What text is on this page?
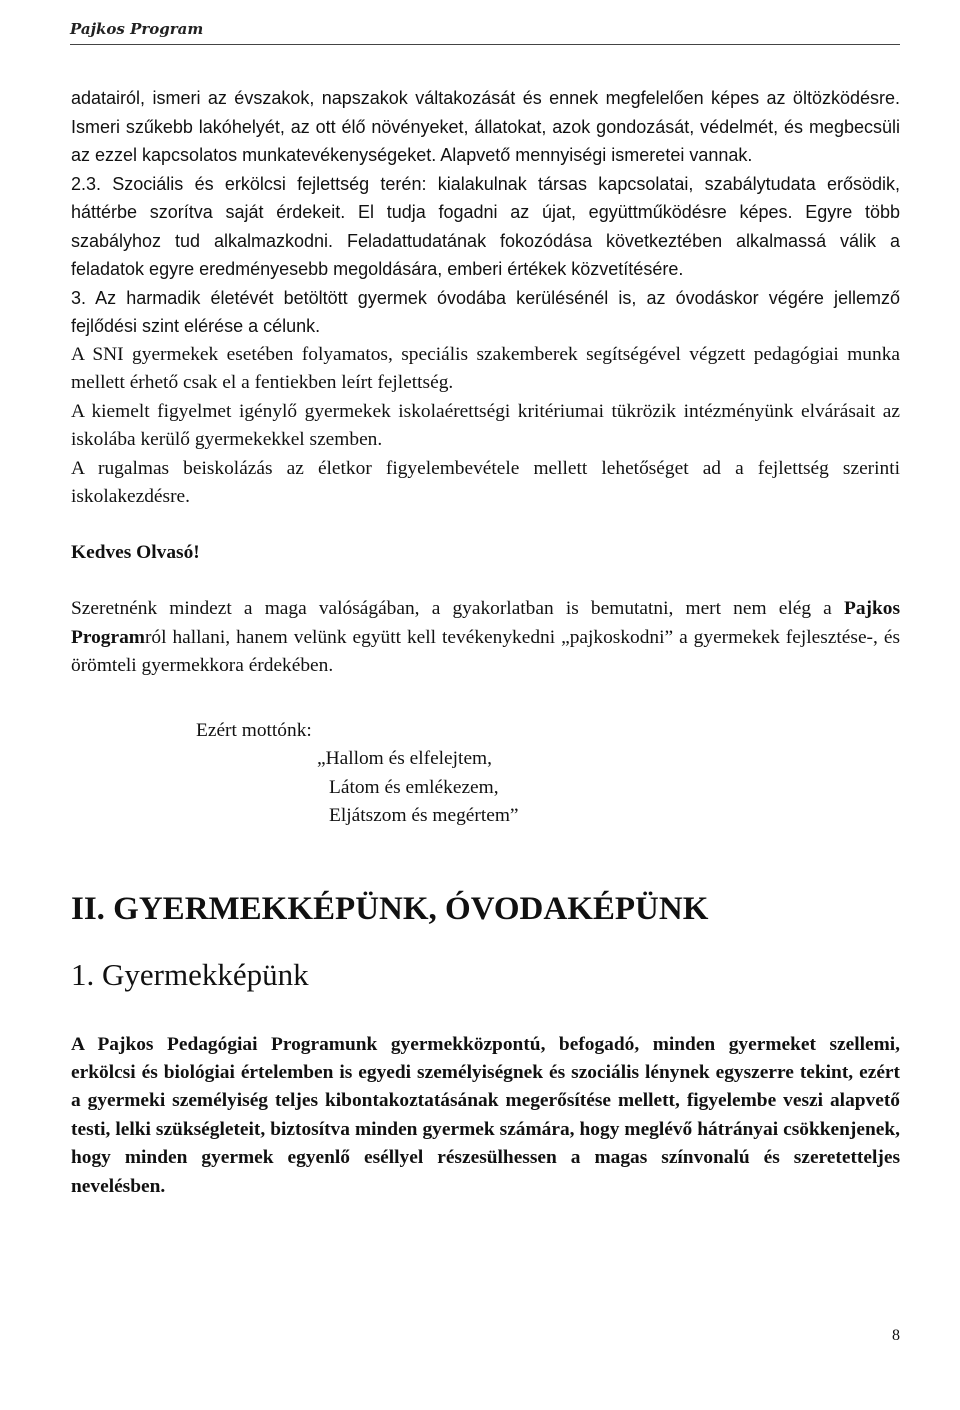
Pajkos Program

adatairól, ismeri az évszakok, napszakok váltakozását és ennek megfelelően képes az öltözködésre. Ismeri szűkebb lakóhelyét, az ott élő növényeket, állatokat, azok gondozását, védelmét, és megbecsüli az ezzel kapcsolatos munkatevékenységeket. Alapvető mennyiségi ismeretei vannak.

2.3. Szociális és erkölcsi fejlettség terén: kialakulnak társas kapcsolatai, szabálytudata erősödik, háttérbe szorítva saját érdekeit. El tudja fogadni az újat, együttműködésre képes. Egyre több szabályhoz tud alkalmazkodni. Feladattudatának fokozódása következtében alkalmassá válik a feladatok egyre eredményesebb megoldására, emberi értékek közvetítésére.

3. Az harmadik életévét betöltött gyermek óvodába kerülésénél is, az óvodáskor végére jellemző fejlődési szint elérése a célunk.

A SNI gyermekek esetében folyamatos, speciális szakemberek segítségével végzett pedagógiai munka mellett érhető csak el a fentiekben leírt fejlettség.

A kiemelt figyelmet igénylő gyermekek iskolaérettségi kritériumai tükrözik intézményünk elvárásait az iskolába kerülő gyermekekkel szemben.

A rugalmas beiskolázás az életkor figyelembevétele mellett lehetőséget ad a fejlettség szerinti iskolakezdésre.

Kedves Olvasó!

Szeretnénk mindezt a maga valóságában, a gyakorlatban is bemutatni, mert nem elég a Pajkos Programról hallani, hanem velünk együtt kell tevékenykedni „pajkoskodni” a gyermekek fejlesztése-, és örömteli gyermekkora érdekében.

Ezért mottónk:

„Hallom és elfelejtem,
Látom és emlékezem,
Eljátszom és megértem”
II. GYERMEKKÉPÜNK, ÓVODAKÉPÜNK
1. Gyermekképünk

A Pajkos Pedagógiai Programunk gyermekközpontú, befogadó, minden gyermeket szellemi, erkölcsi és biológiai értelemben is egyedi személyiségnek és szociális lénynek egyszerre tekint, ezért a gyermeki személyiség teljes kibontakoztatásának megerősítése mellett, figyelembe veszi alapvető testi, lelki szükségleteit, biztosítva minden gyermek számára, hogy meglévő hátrányai csökkenjenek, hogy minden gyermek egyenlő eséllyel részesülhessen a magas színvonalú és szeretetteljes nevelésben.

8
